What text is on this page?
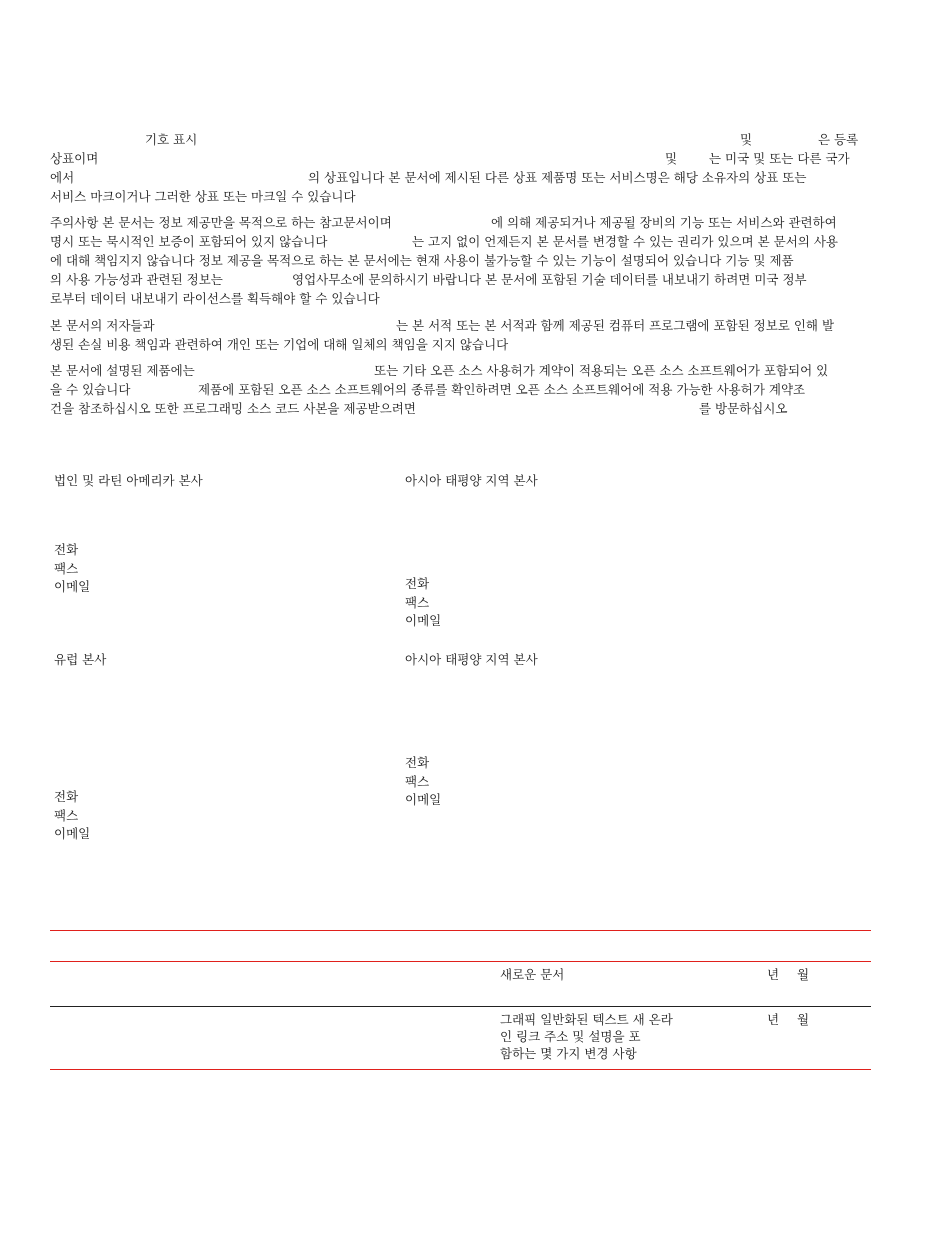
기호 표시	및	은 등록
상표이며	및	는 미국 및 또는 다른 국가
에서	의 상표입니다 본 문서에 제시된 다른 상표 제품명 또는 서비스명은 해당 소유자의 상표 또는
서비스 마크이거나 그러한 상표 또는 마크일 수 있습니다
주의사항 본 문서는 정보 제공만을 목적으로 하는 참고문서이며	에 의해 제공되거나 제공될 장비의 기능 또는 서비스와 관련하여
명시 또는 묵시적인 보증이 포함되어 있지 않습니다	는 고지 없이 언제든지 본 문서를 변경할 수 있는 권리가 있으며 본 문서의 사용
에 대해 책임지지 않습니다 정보 제공을 목적으로 하는 본 문서에는 현재 사용이 불가능할 수 있는 기능이 설명되어 있습니다 기능 및 제품
의 사용 가능성과 관련된 정보는	영업사무소에 문의하시기 바랍니다 본 문서에 포함된 기술 데이터를 내보내기 하려면 미국 정부
로부터 데이터 내보내기 라이선스를 획득해야 할 수 있습니다
본 문서의 저자들과	는 본 서적 또는 본 서적과 함께 제공된 컴퓨터 프로그램에 포함된 정보로 인해 발
생된 손실 비용 책임과 관련하여 개인 또는 기업에 대해 일체의 책임을 지지 않습니다
본 문서에 설명된 제품에는	또는 기타 오픈 소스 사용허가 계약이 적용되는 오픈 소스 소프트웨어가 포함되어 있
을 수 있습니다	제품에 포함된 오픈 소스 소프트웨어의 종류를 확인하려면 오픈 소스 소프트웨어에 적용 가능한 사용허가 계약조
건을 참조하십시오 또한 프로그래밍 소스 코드 사본을 제공받으려면	를 방문하십시오
법인 및 라틴 아메리카 본사
전화
팩스
이메일
아시아 태평양 지역 본사
전화
팩스
이메일
유럽 본사
전화
팩스
이메일
아시아 태평양 지역 본사
전화
팩스
이메일
새로운 문서	년 월
그래픽 일반화된 텍스트 새 온라
인 링크 주소 및 설명을 포
함하는 몇 가지 변경 사항
년 월
